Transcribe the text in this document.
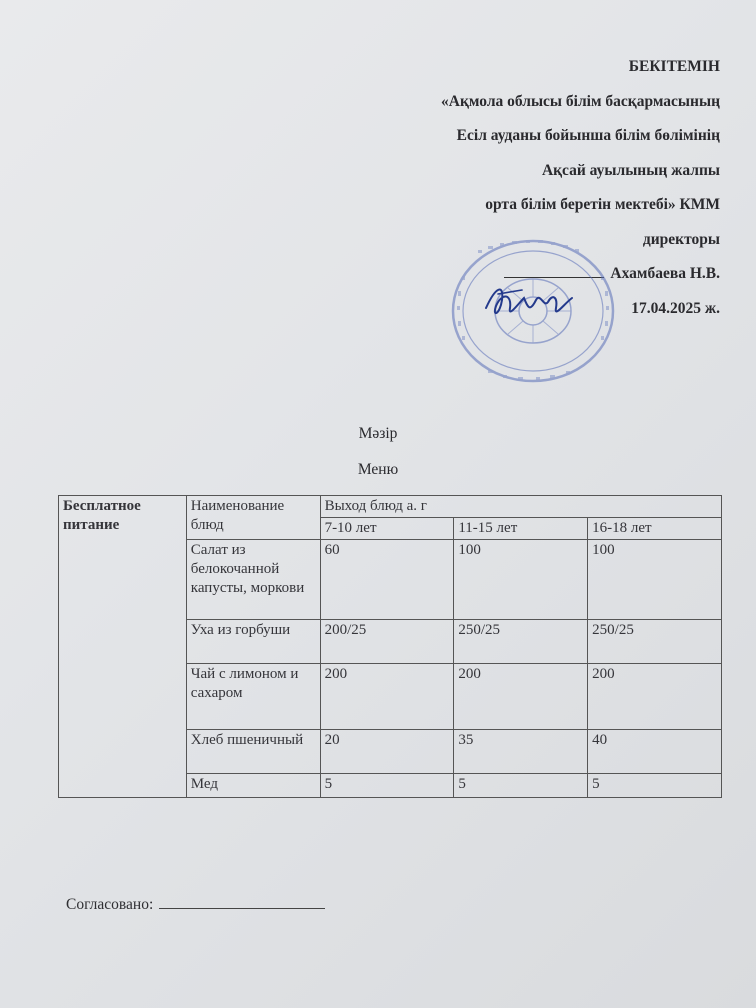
БЕКІТЕМІН
«Ақмола облысы білім басқармасының
Есіл ауданы бойынша білім бөлімінің
Ақсай ауылының жалпы
орта білім беретін мектебі» КММ
директоры
Ахамбаева Н.В.
17.04.2025 ж.
Мәзір
Меню
Бесплатное питание	Наименование блюд	Выход блюд а. г		
		7-10 лет	11-15 лет	16-18 лет
	Салат из белокочанной капусты, моркови	60	100	100
	Уха из горбуши	200/25	250/25	250/25
	Чай с лимоном и сахаром	200	200	200
	Хлеб пшеничный	20	35	40
	Мед	5	5	5
Согласовано:
